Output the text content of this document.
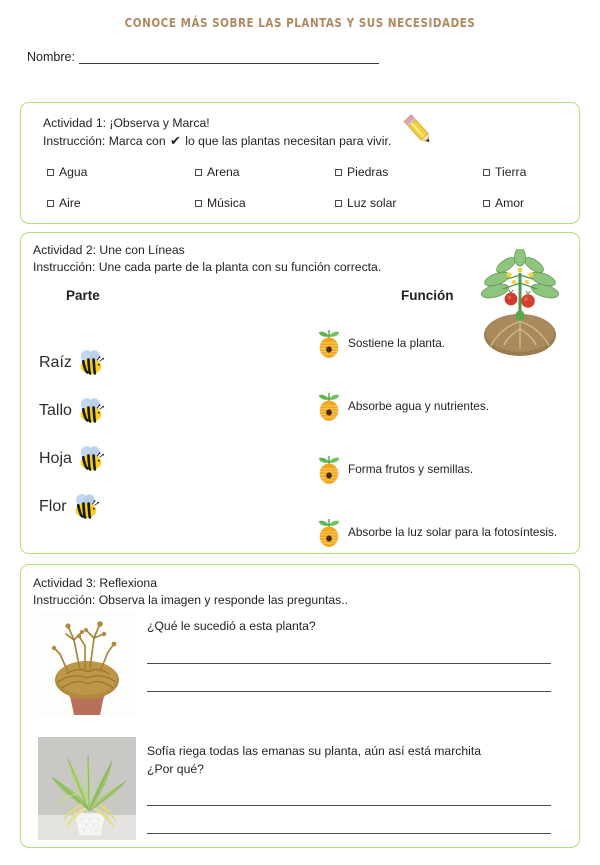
CONOCE MÁS SOBRE LAS PLANTAS Y SUS NECESIDADES
Nombre:
Actividad 1: ¡Observa y Marca!
Instrucción: Marca con ✔ lo que las plantas necesitan para vivir.
Agua	Arena	Piedras	Tierra
Aire	Música	Luz solar	Amor
Actividad 2: Une con Líneas
Instrucción: Une cada parte de la planta con su función correcta.
Parte	Función
Raíz
Tallo
Hoja
Flor
Sostiene la planta.
Absorbe agua y nutrientes.
Forma frutos y semillas.
Absorbe la luz solar para la fotosíntesis.
Actividad 3: Reflexiona
Instrucción: Observa la imagen y responde las preguntas..
¿Qué le sucedió a esta planta?
Sofía riega todas las emanas su planta, aún así está marchita
¿Por qué?
